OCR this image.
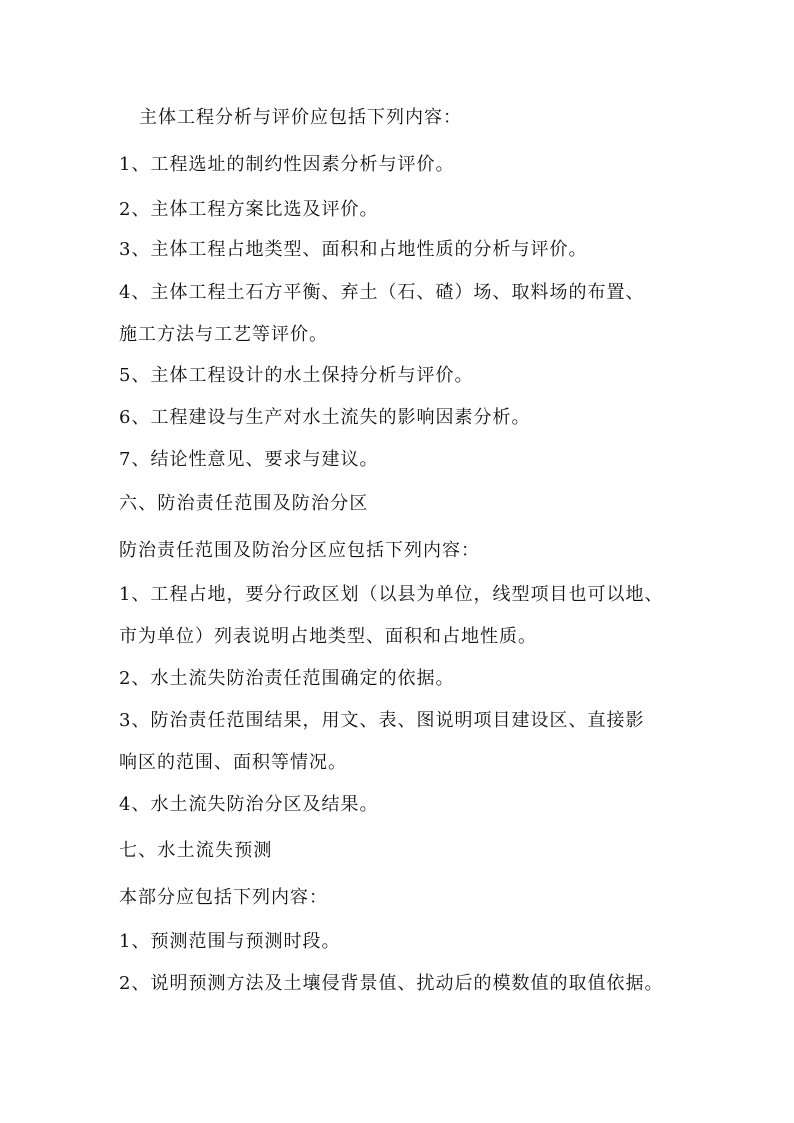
主体工程分析与评价应包括下列内容：
1、工程选址的制约性因素分析与评价。
2、主体工程方案比选及评价。
3、主体工程占地类型、面积和占地性质的分析与评价。
4、主体工程土石方平衡、弃土（石、碴）场、取料场的布置、
施工方法与工艺等评价。
5、主体工程设计的水土保持分析与评价。
6、工程建设与生产对水土流失的影响因素分析。
7、结论性意见、要求与建议。
六、防治责任范围及防治分区
防治责任范围及防治分区应包括下列内容：
1、工程占地，要分行政区划（以县为单位，线型项目也可以地、
市为单位）列表说明占地类型、面积和占地性质。
2、水土流失防治责任范围确定的依据。
3、防治责任范围结果，用文、表、图说明项目建设区、直接影
响区的范围、面积等情况。
4、水土流失防治分区及结果。
七、水土流失预测
本部分应包括下列内容：
1、预测范围与预测时段。
2、说明预测方法及土壤侵背景值、扰动后的模数值的取值依据。
